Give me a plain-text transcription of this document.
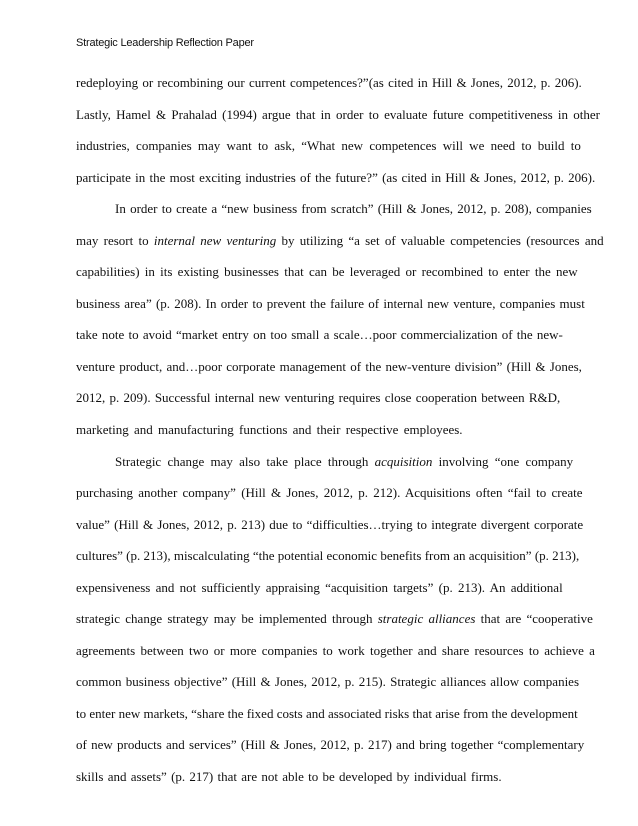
Strategic Leadership Reflection Paper
redeploying or recombining our current competences?”(as cited in Hill & Jones, 2012, p. 206).
Lastly, Hamel & Prahalad (1994) argue that in order to evaluate future competitiveness in other
industries, companies may want to ask, “What new competences will we need to build to
participate in the most exciting industries of the future?” (as cited in Hill & Jones, 2012, p. 206).
In order to create a “new business from scratch” (Hill & Jones, 2012, p. 208), companies
may resort to internal new venturing by utilizing “a set of valuable competencies (resources and
capabilities) in its existing businesses that can be leveraged or recombined to enter the new
business area” (p. 208). In order to prevent the failure of internal new venture, companies must
take note to avoid “market entry on too small a scale…poor commercialization of the new-
venture product, and…poor corporate management of the new-venture division” (Hill & Jones,
2012, p. 209). Successful internal new venturing requires close cooperation between R&D,
marketing and manufacturing functions and their respective employees.
Strategic change may also take place through acquisition involving “one company
purchasing another company” (Hill & Jones, 2012, p. 212). Acquisitions often “fail to create
value” (Hill & Jones, 2012, p. 213) due to “difficulties…trying to integrate divergent corporate
cultures” (p. 213), miscalculating “the potential economic benefits from an acquisition” (p. 213),
expensiveness and not sufficiently appraising “acquisition targets” (p. 213). An additional
strategic change strategy may be implemented through strategic alliances that are “cooperative
agreements between two or more companies to work together and share resources to achieve a
common business objective” (Hill & Jones, 2012, p. 215). Strategic alliances allow companies
to enter new markets, “share the fixed costs and associated risks that arise from the development
of new products and services” (Hill & Jones, 2012, p. 217) and bring together “complementary
skills and assets” (p. 217) that are not able to be developed by individual firms.
